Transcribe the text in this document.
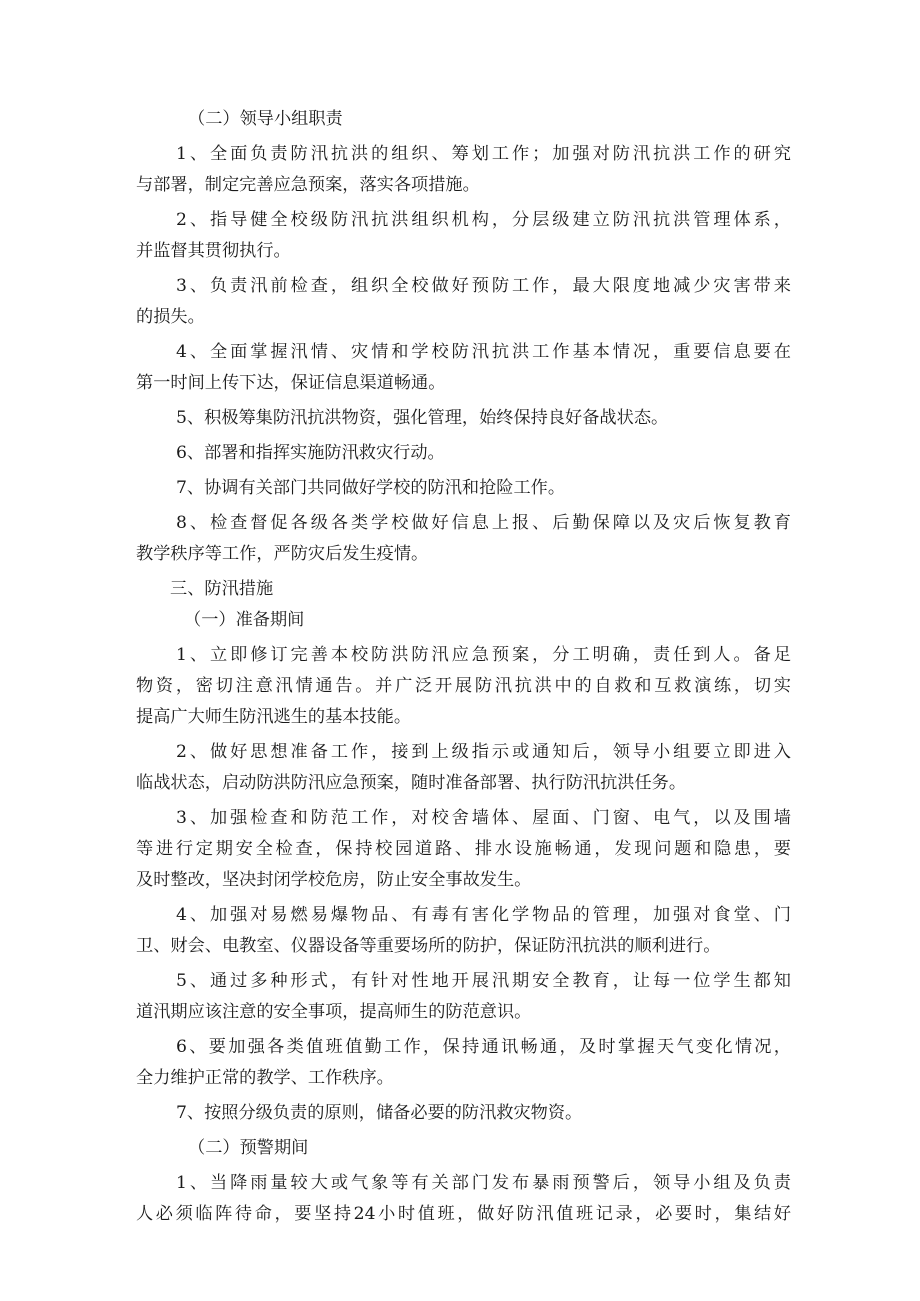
（二）领导小组职责
1、全面负责防汛抗洪的组织、筹划工作；加强对防汛抗洪工作的研究
与部署，制定完善应急预案，落实各项措施。
2、指导健全校级防汛抗洪组织机构，分层级建立防汛抗洪管理体系，
并监督其贯彻执行。
3、负责汛前检查，组织全校做好预防工作，最大限度地减少灾害带来
的损失。
4、全面掌握汛情、灾情和学校防汛抗洪工作基本情况，重要信息要在
第一时间上传下达，保证信息渠道畅通。
5、积极筹集防汛抗洪物资，强化管理，始终保持良好备战状态。
6、部署和指挥实施防汛救灾行动。
7、协调有关部门共同做好学校的防汛和抢险工作。
8、检查督促各级各类学校做好信息上报、后勤保障以及灾后恢复教育
教学秩序等工作，严防灾后发生疫情。
三、防汛措施
（一）准备期间
1、立即修订完善本校防洪防汛应急预案，分工明确，责任到人。备足
物资，密切注意汛情通告。并广泛开展防汛抗洪中的自救和互救演练，切实
提高广大师生防汛逃生的基本技能。
2、做好思想准备工作，接到上级指示或通知后，领导小组要立即进入
临战状态，启动防洪防汛应急预案，随时准备部署、执行防汛抗洪任务。
3、加强检查和防范工作，对校舍墙体、屋面、门窗、电气，以及围墙
等进行定期安全检查，保持校园道路、排水设施畅通，发现问题和隐患，要
及时整改，坚决封闭学校危房，防止安全事故发生。
4、加强对易燃易爆物品、有毒有害化学物品的管理，加强对食堂、门
卫、财会、电教室、仪器设备等重要场所的防护，保证防汛抗洪的顺利进行。
5、通过多种形式，有针对性地开展汛期安全教育，让每一位学生都知
道汛期应该注意的安全事项，提高师生的防范意识。
6、要加强各类值班值勤工作，保持通讯畅通，及时掌握天气变化情况，
全力维护正常的教学、工作秩序。
7、按照分级负责的原则，储备必要的防汛救灾物资。
（二）预警期间
1、当降雨量较大或气象等有关部门发布暴雨预警后，领导小组及负责
人必须临阵待命，要坚持24小时值班，做好防汛值班记录，必要时，集结好
